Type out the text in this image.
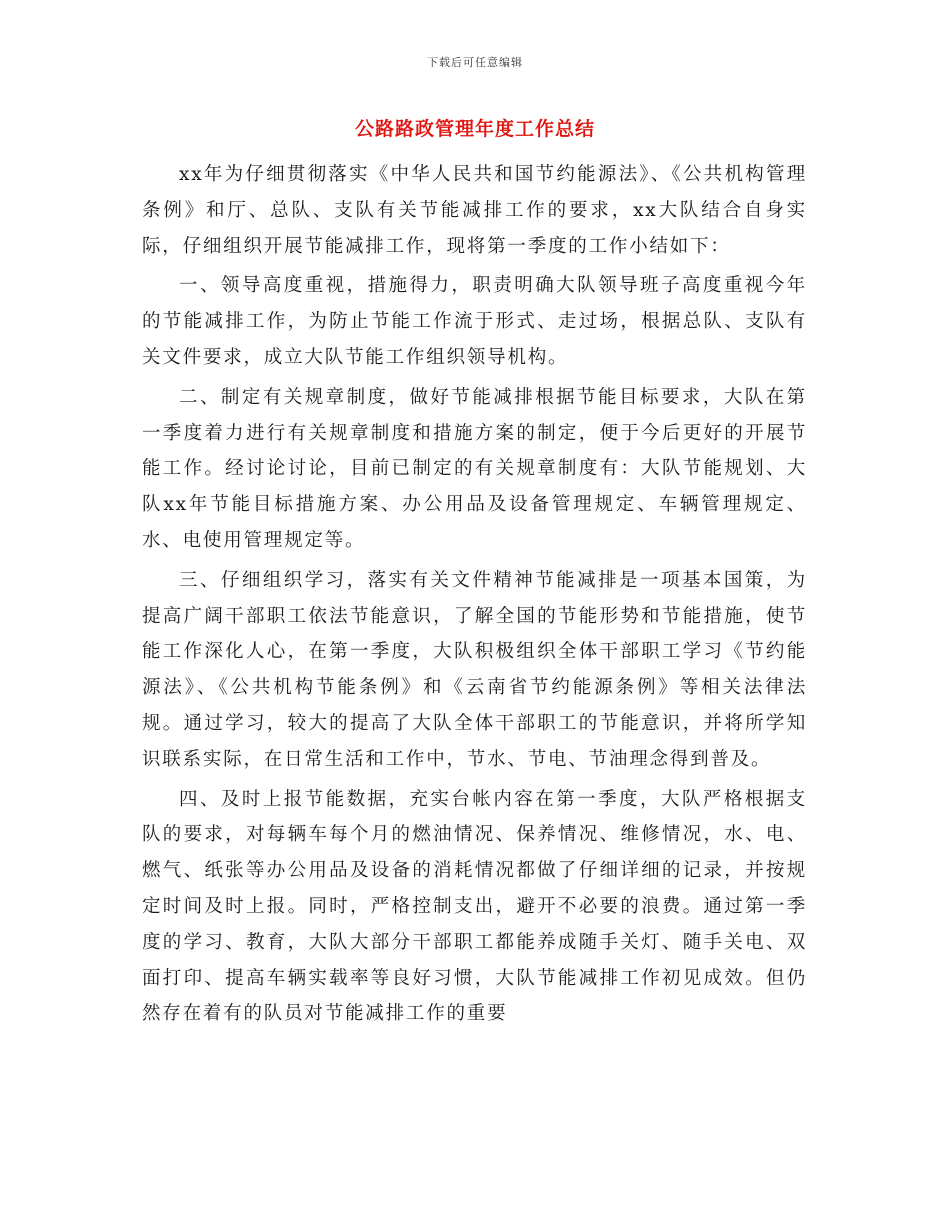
下载后可任意编辑
公路路政管理年度工作总结

xx年为仔细贯彻落实《中华人民共和国节约能源法》、《公共机构管理条例》和厅、总队、支队有关节能减排工作的要求，xx大队结合自身实际，仔细组织开展节能减排工作，现将第一季度的工作小结如下：

一、领导高度重视，措施得力，职责明确大队领导班子高度重视今年的节能减排工作，为防止节能工作流于形式、走过场，根据总队、支队有关文件要求，成立大队节能工作组织领导机构。

二、制定有关规章制度，做好节能减排根据节能目标要求，大队在第一季度着力进行有关规章制度和措施方案的制定，便于今后更好的开展节能工作。经讨论讨论，目前已制定的有关规章制度有：大队节能规划、大队xx年节能目标措施方案、办公用品及设备管理规定、车辆管理规定、水、电使用管理规定等。

三、仔细组织学习，落实有关文件精神节能减排是一项基本国策，为提高广阔干部职工依法节能意识，了解全国的节能形势和节能措施，使节能工作深化人心，在第一季度，大队积极组织全体干部职工学习《节约能源法》、《公共机构节能条例》和《云南省节约能源条例》等相关法律法规。通过学习，较大的提高了大队全体干部职工的节能意识，并将所学知识联系实际，在日常生活和工作中，节水、节电、节油理念得到普及。

四、及时上报节能数据，充实台帐内容在第一季度，大队严格根据支队的要求，对每辆车每个月的燃油情况、保养情况、维修情况，水、电、燃气、纸张等办公用品及设备的消耗情况都做了仔细详细的记录，并按规定时间及时上报。同时，严格控制支出，避开不必要的浪费。通过第一季度的学习、教育，大队大部分干部职工都能养成随手关灯、随手关电、双面打印、提高车辆实载率等良好习惯，大队节能减排工作初见成效。但仍然存在着有的队员对节能减排工作的重要
